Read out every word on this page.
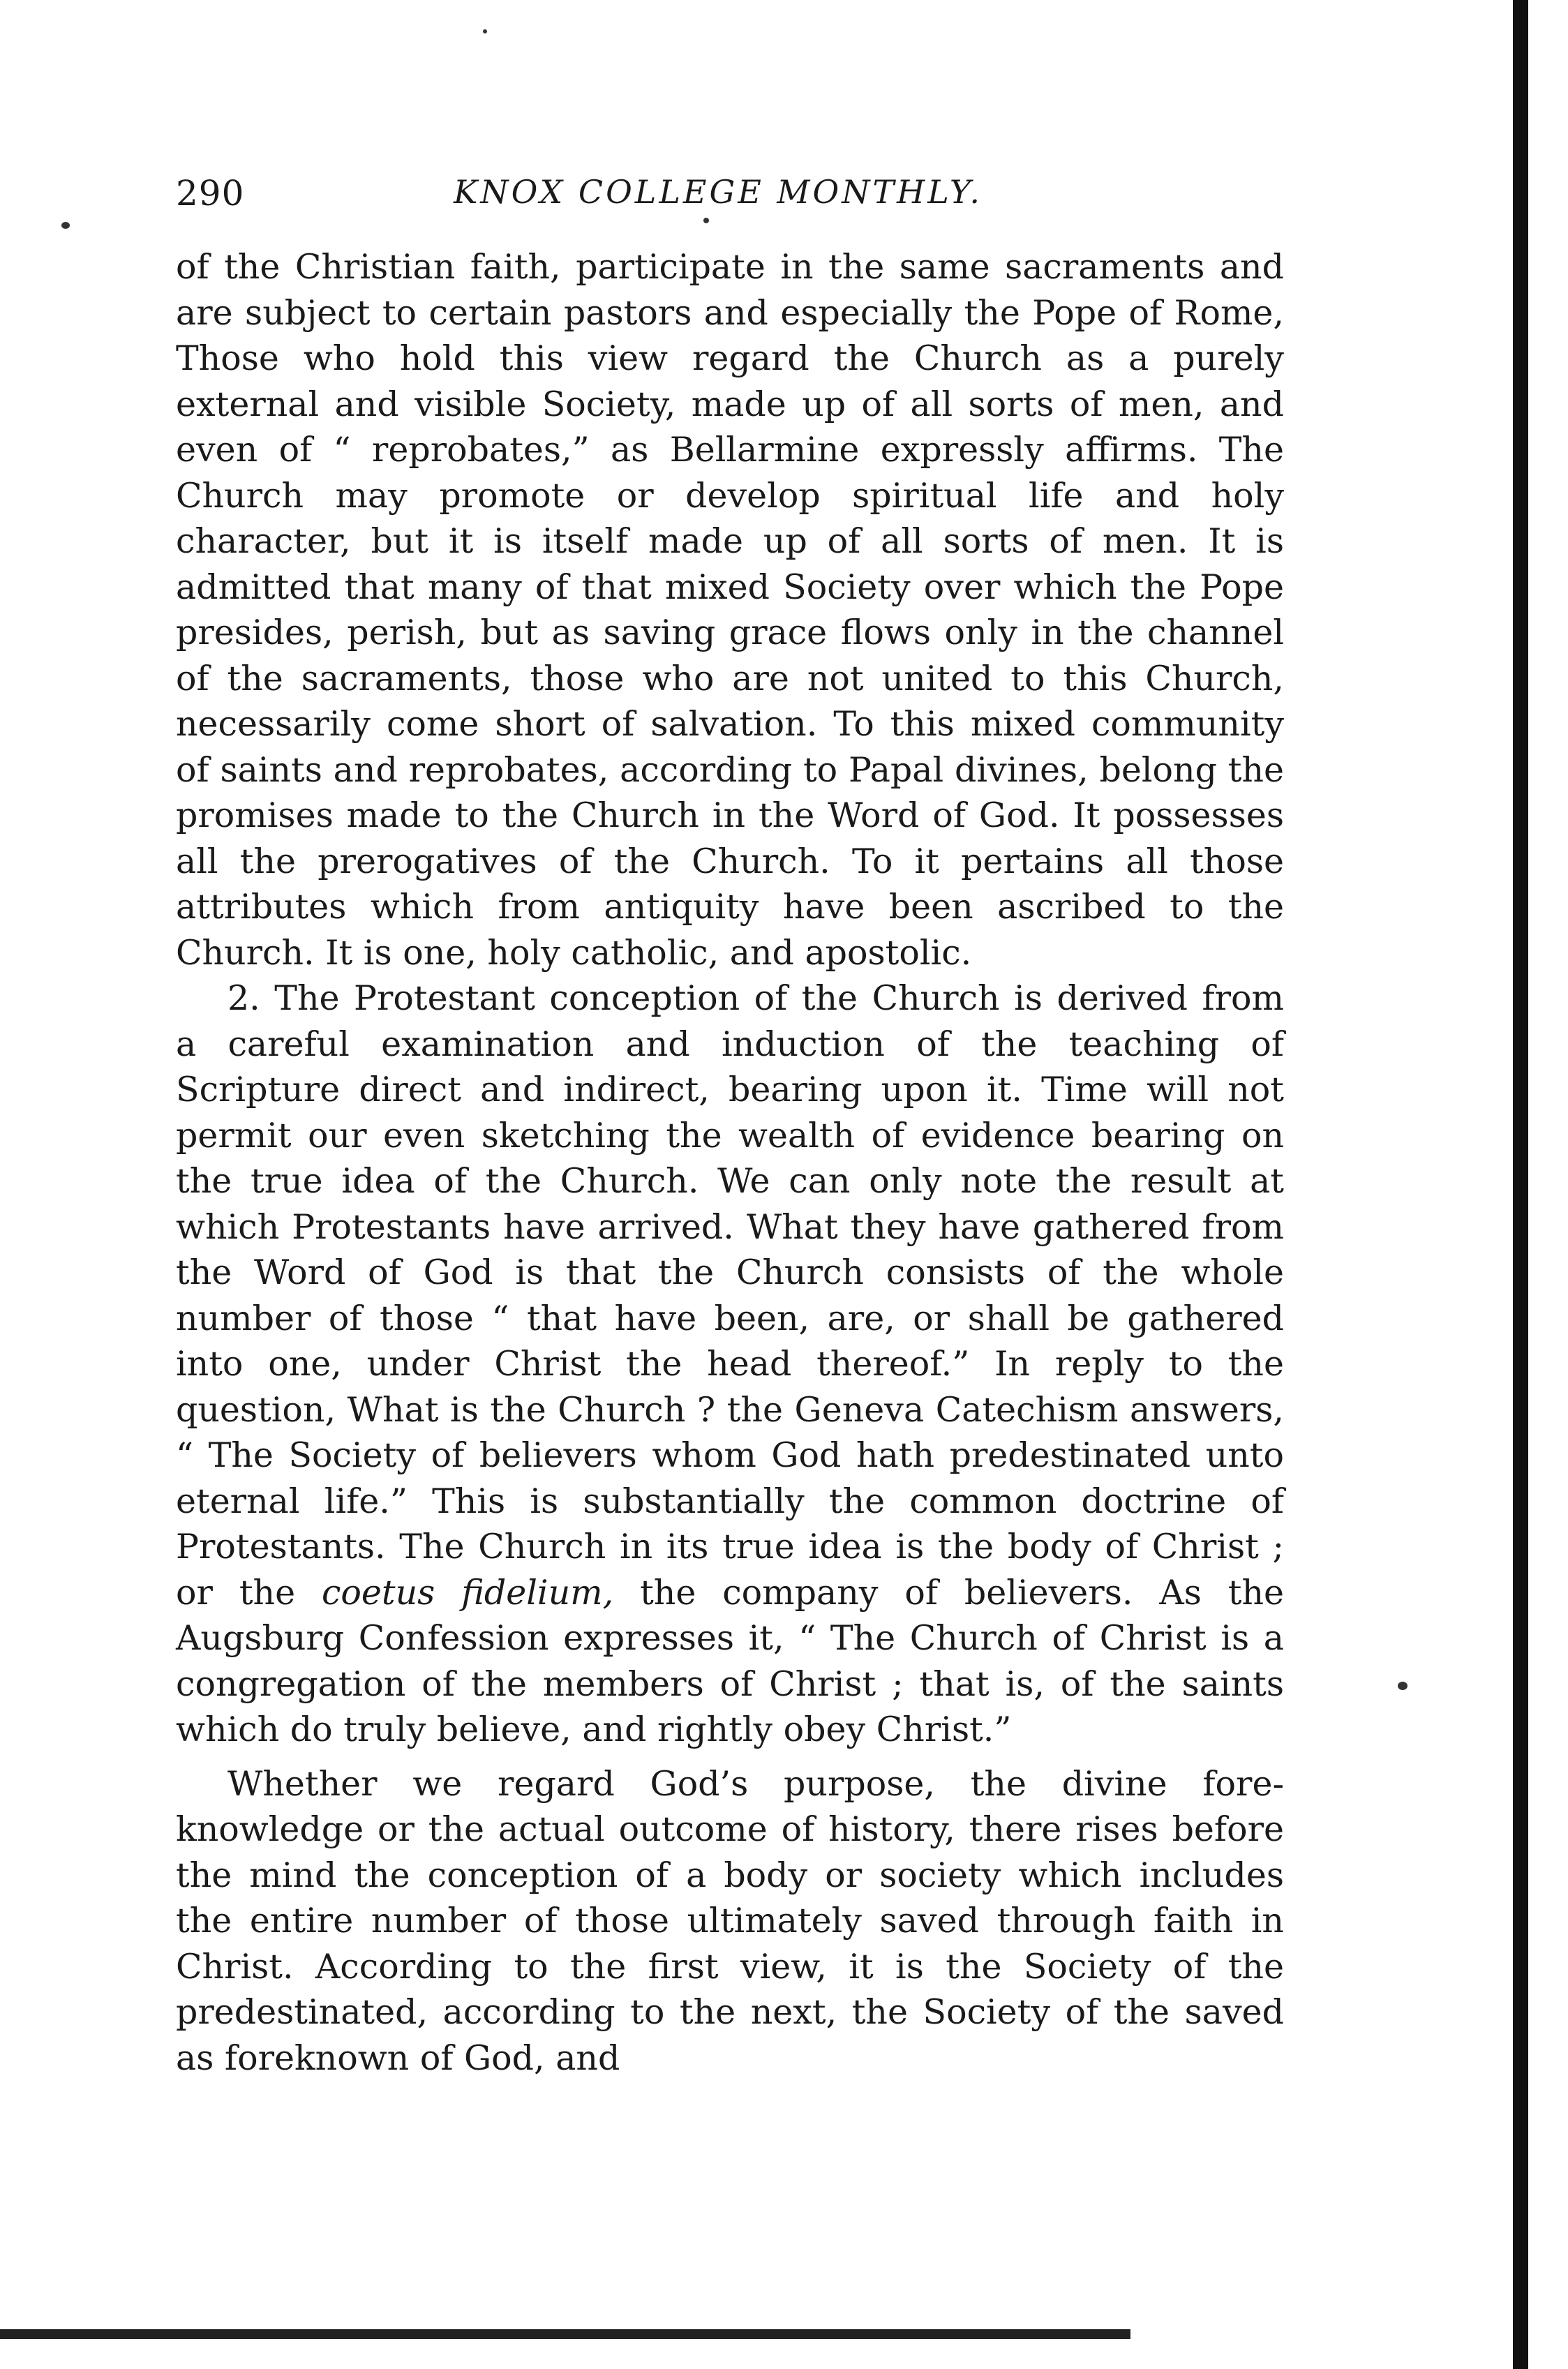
290	KNOX COLLEGE MONTHLY.

of the Christian faith, participate in the same sacraments and are subject to certain pastors and especially the Pope of Rome, Those who hold this view regard the Church as a purely external and visible Society, made up of all sorts of men, and even of “ reprobates,” as Bellarmine expressly affirms. The Church may promote or develop spiritual life and holy character, but it is itself made up of all sorts of men. It is admitted that many of that mixed Society over which the Pope presides, perish, but as saving grace flows only in the channel of the sacraments, those who are not united to this Church, necessarily come short of salvation. To this mixed community of saints and reprobates, according to Papal divines, belong the promises made to the Church in the Word of God. It possesses all the prerogatives of the Church. To it pertains all those attributes which from antiquity have been ascribed to the Church. It is one, holy catholic, and apostolic.

2. The Protestant conception of the Church is derived from a careful examination and induction of the teaching of Scripture direct and indirect, bearing upon it. Time will not permit our even sketching the wealth of evidence bearing on the true idea of the Church. We can only note the result at which Protestants have arrived. What they have gathered from the Word of God is that the Church consists of the whole number of those “ that have been, are, or shall be gathered into one, under Christ the head thereof.” In reply to the question, What is the Church ? the Geneva Catechism answers, “ The Society of believers whom God hath predestinated unto eternal life.” This is substantially the common doctrine of Protestants. The Church in its true idea is the body of Christ ; or the coetus fidelium, the company of believers. As the Augsburg Confession expresses it, “ The Church of Christ is a congregation of the members of Christ ; that is, of the saints which do truly believe, and rightly obey Christ.”

Whether we regard God’s purpose, the divine fore-knowledge or the actual outcome of history, there rises before the mind the conception of a body or society which includes the entire number of those ultimately saved through faith in Christ. According to the first view, it is the Society of the predestinated, according to the next, the Society of the saved as foreknown of God, and
